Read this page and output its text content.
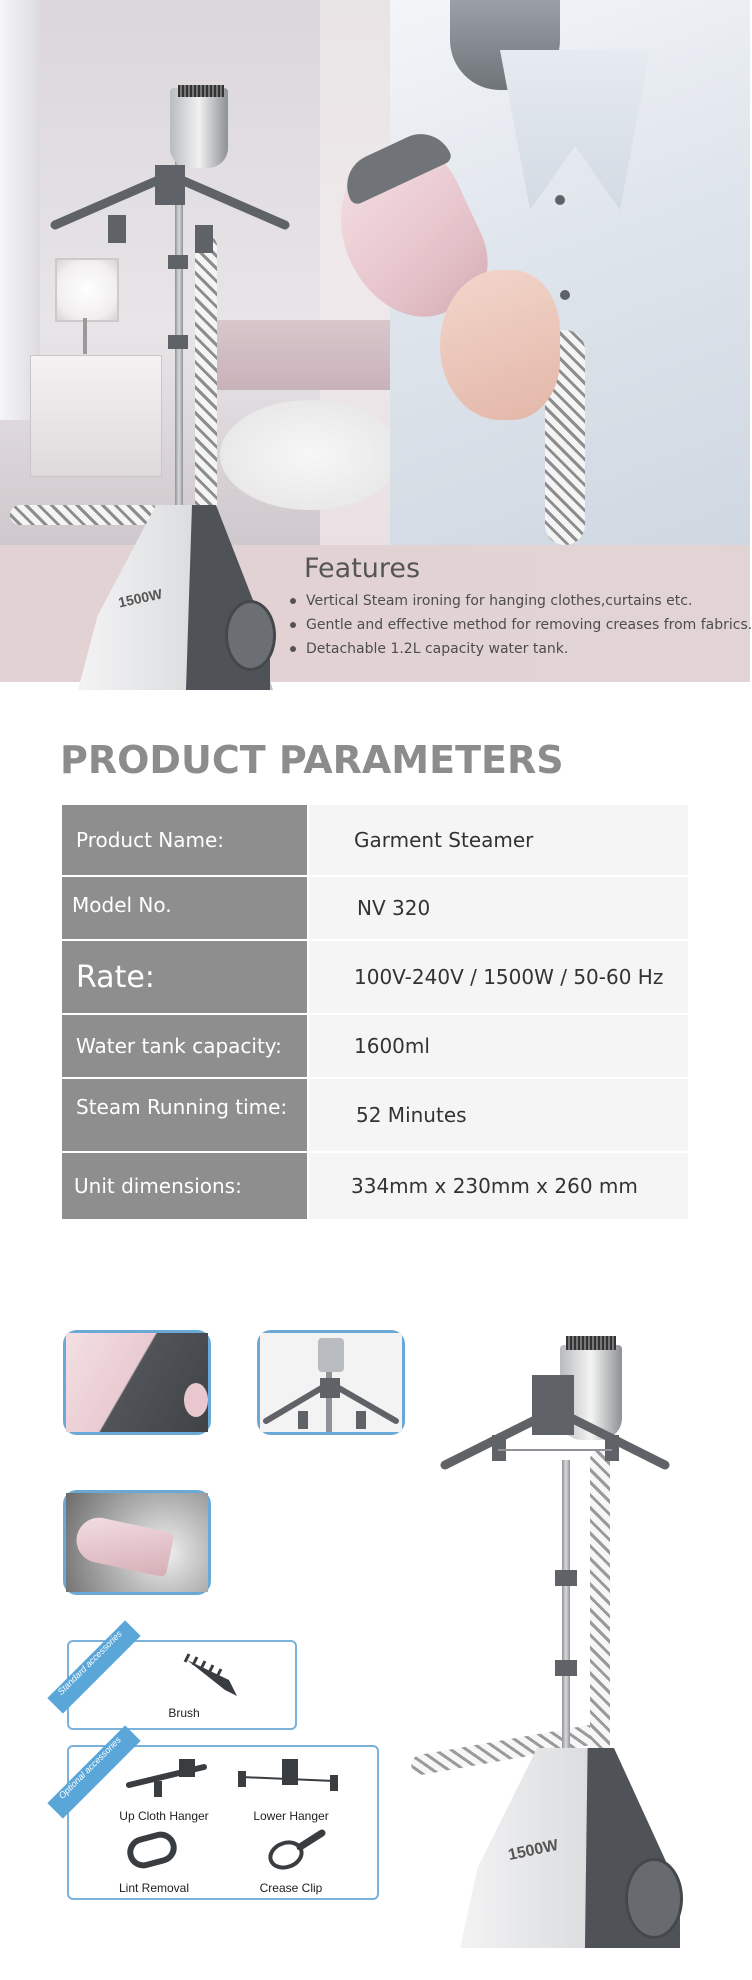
1500W
Features
Vertical Steam ironing for hanging clothes,curtains etc.
Gentle and effective method for removing creases from fabrics.
Detachable 1.2L capacity water tank.
PRODUCT PARAMETERS
Product Name:	Garment Steamer
Model No.	NV 320
Rate:	100V-240V / 1500W / 50-60 Hz
Water tank capacity:	1600ml
Steam Running time:	52 Minutes
Unit dimensions:	334mm x 230mm x 260 mm
Standard accessories
Brush
Optional accessories
Up Cloth Hanger	Lower Hanger
Lint Removal	Crease Clip
1500W
